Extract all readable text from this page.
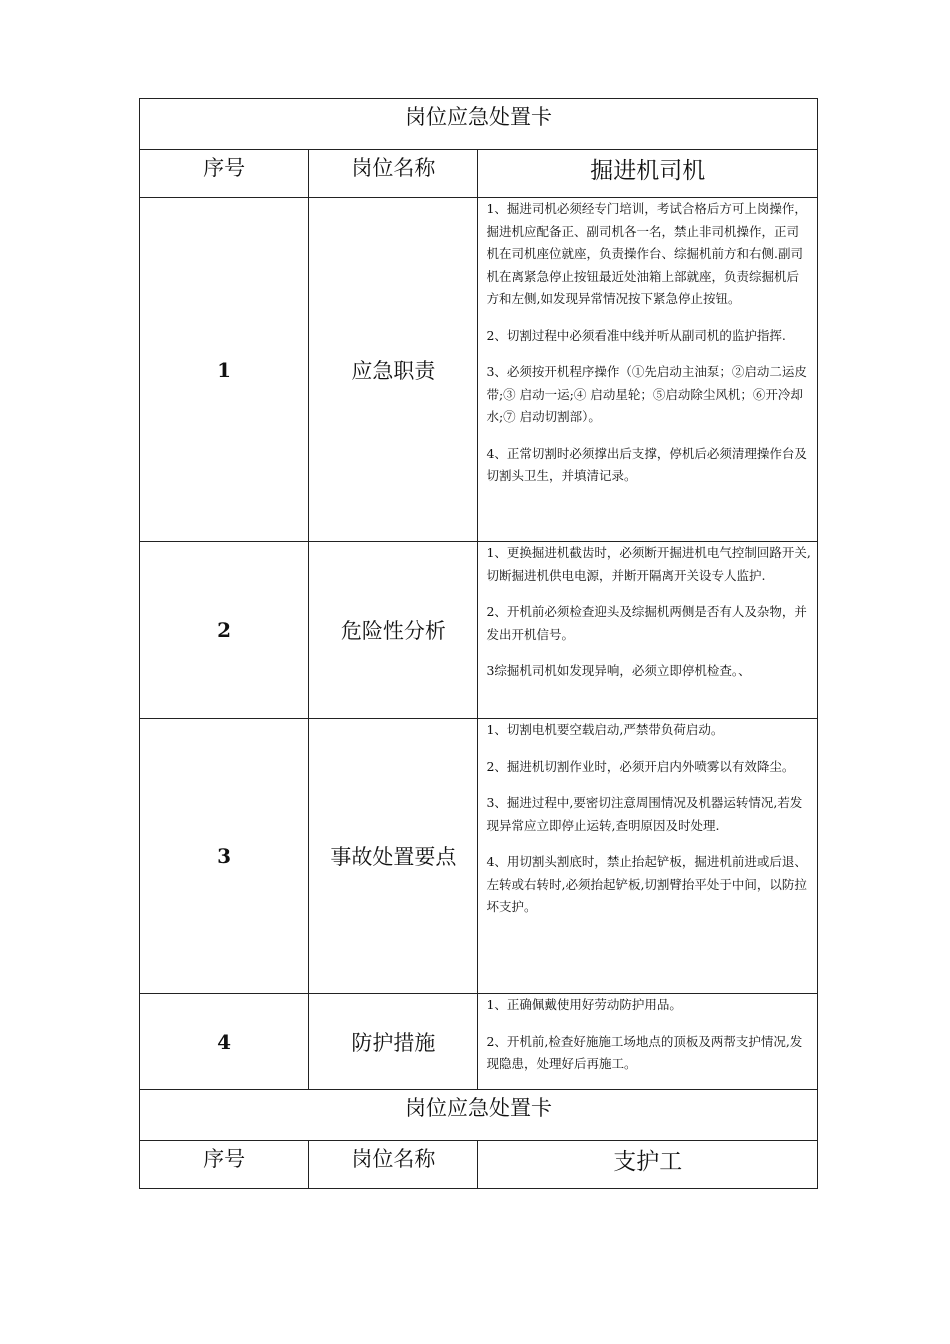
岗位应急处置卡		
序号	岗位名称	掘进机司机
1	应急职责	1、掘进司机必须经专门培训，考试合格后方可上岗操作，掘进机应配备正、副司机各一名，禁止非司机操作，正司机在司机座位就座，负责操作台、综掘机前方和右侧.副司机在离紧急停止按钮最近处油箱上部就座，负责综掘机后方和左侧,如发现异常情况按下紧急停止按钮。

2、切割过程中必须看准中线并听从副司机的监护指挥.

3、必须按开机程序操作（①先启动主油泵；②启动二运皮带;③ 启动一运;④ 启动星轮；⑤启动除尘风机；⑥开冷却水;⑦ 启动切割部）。

4、正常切割时必须撑出后支撑，停机后必须清理操作台及切割头卫生，并填清记录。

2	危险性分析	1、更换掘进机截齿时，必须断开掘进机电气控制回路开关,切断掘进机供电电源，并断开隔离开关设专人监护.

2、开机前必须检查迎头及综掘机两侧是否有人及杂物，并发出开机信号。

3综掘机司机如发现异响，必须立即停机检查。、

3	事故处置要点	1、切割电机要空载启动,严禁带负荷启动。

2、掘进机切割作业时，必须开启内外喷雾以有效降尘。

3、掘进过程中,要密切注意周围情况及机器运转情况,若发现异常应立即停止运转,查明原因及时处理.

4、用切割头割底时，禁止抬起铲板，掘进机前进或后退、左转或右转时,必须抬起铲板,切割臂抬平处于中间，以防拉坏支护。

4	防护措施	1、正确佩戴使用好劳动防护用品。

2、开机前,检查好施施工场地点的顶板及两帮支护情况,发现隐患，处理好后再施工。

岗位应急处置卡		
序号	岗位名称	支护工
